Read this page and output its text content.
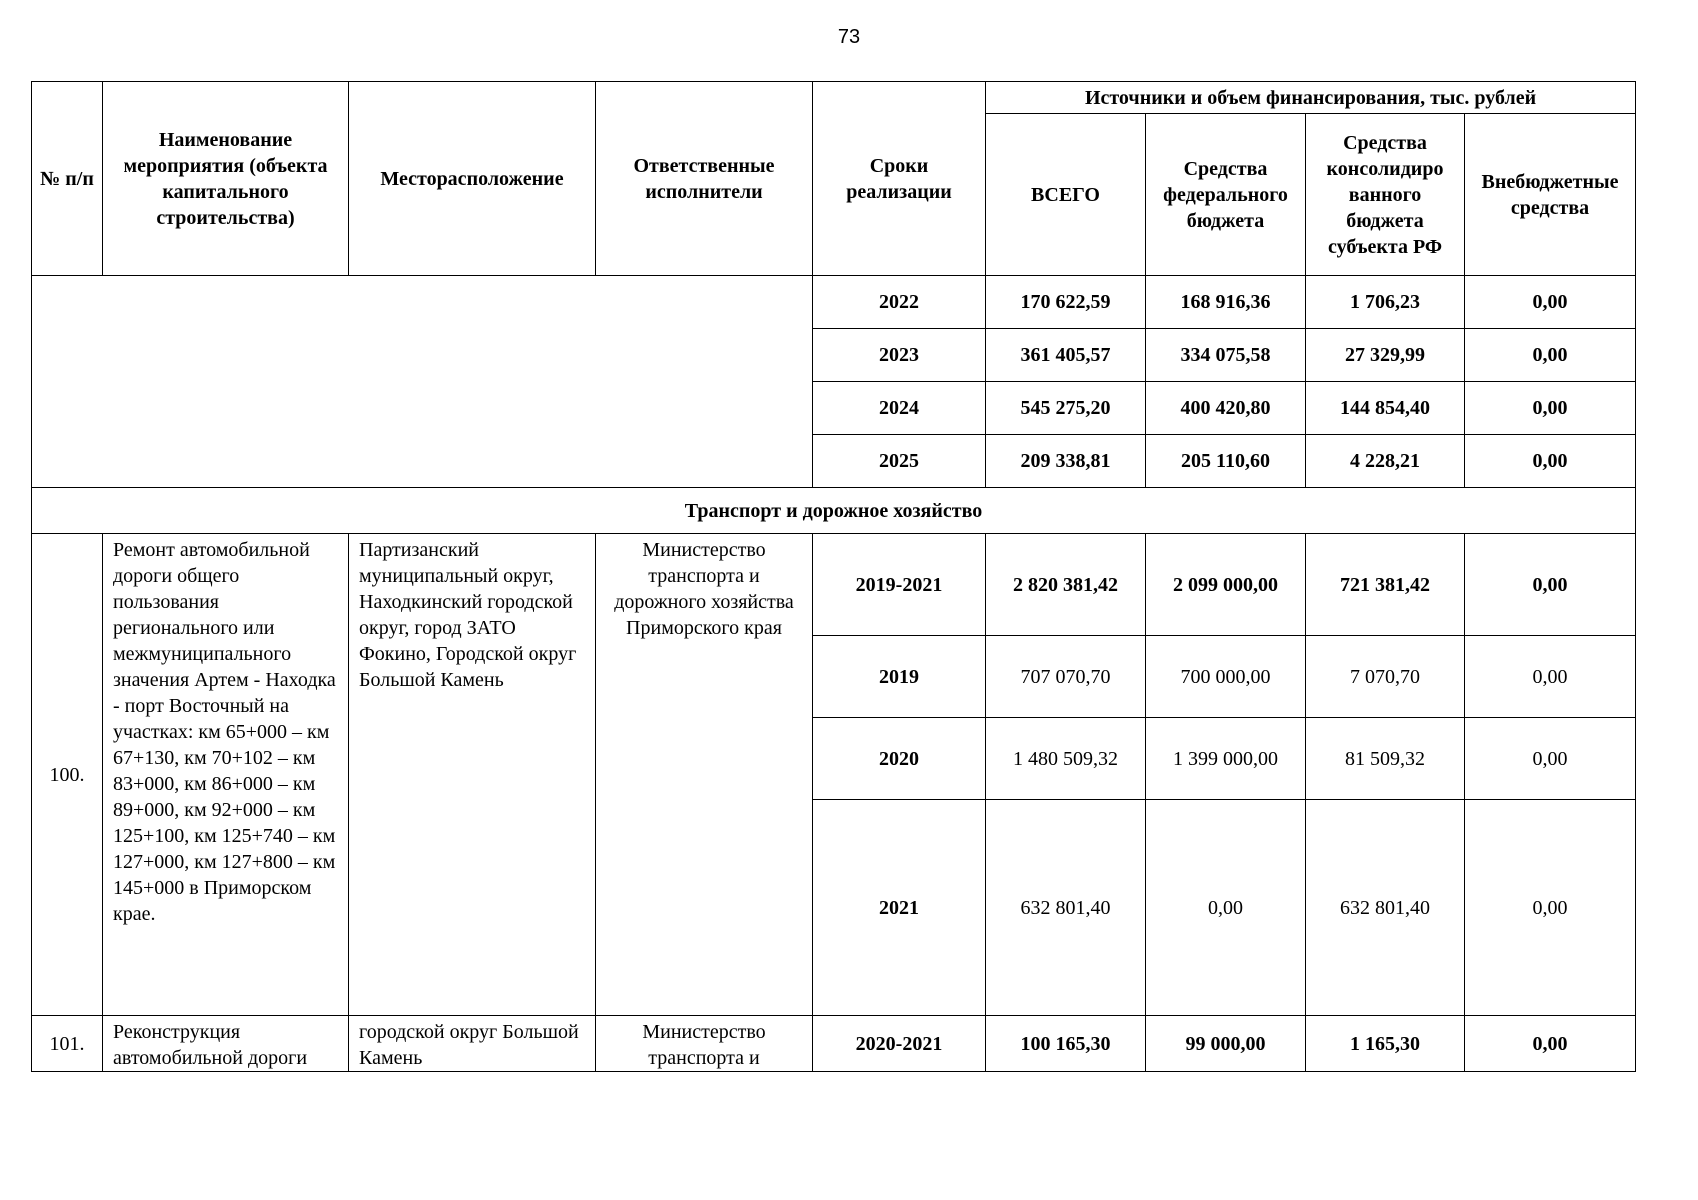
73
№ п/п	Наименование мероприятия (объекта капитального строительства)	Месторасположение	Ответственные исполнители	Сроки реализации	Источники и объем финансирования, тыс. рублей			
					ВСЕГО	Средства федерального бюджета	Средства консолидиро ванного бюджета субъекта РФ	Внебюджетные средства
				2022	170 622,59	168 916,36	1 706,23	0,00
				2023	361 405,57	334 075,58	27 329,99	0,00
				2024	545 275,20	400 420,80	144 854,40	0,00
				2025	209 338,81	205 110,60	4 228,21	0,00
Транспорт и дорожное хозяйство								
100.	Ремонт автомобильной дороги общего пользования регионального или межмуниципального значения Артем - Находка - порт Восточный на участках: км 65+000 – км 67+130, км 70+102 – км 83+000, км 86+000 – км 89+000, км 92+000 – км 125+100, км 125+740 – км 127+000, км 127+800 – км 145+000 в Приморском крае.	Партизанский муниципальный округ, Находкинский городской округ, город ЗАТО Фокино, Городской округ Большой Камень	Министерство транспорта и дорожного хозяйства Приморского края	2019-2021	2 820 381,42	2 099 000,00	721 381,42	0,00
				2019	707 070,70	700 000,00	7 070,70	0,00
				2020	1 480 509,32	1 399 000,00	81 509,32	0,00
				2021	632 801,40	0,00	632 801,40	0,00
101.	Реконструкция автомобильной дороги	городской округ Большой Камень	Министерство транспорта и	2020-2021	100 165,30	99 000,00	1 165,30	0,00
